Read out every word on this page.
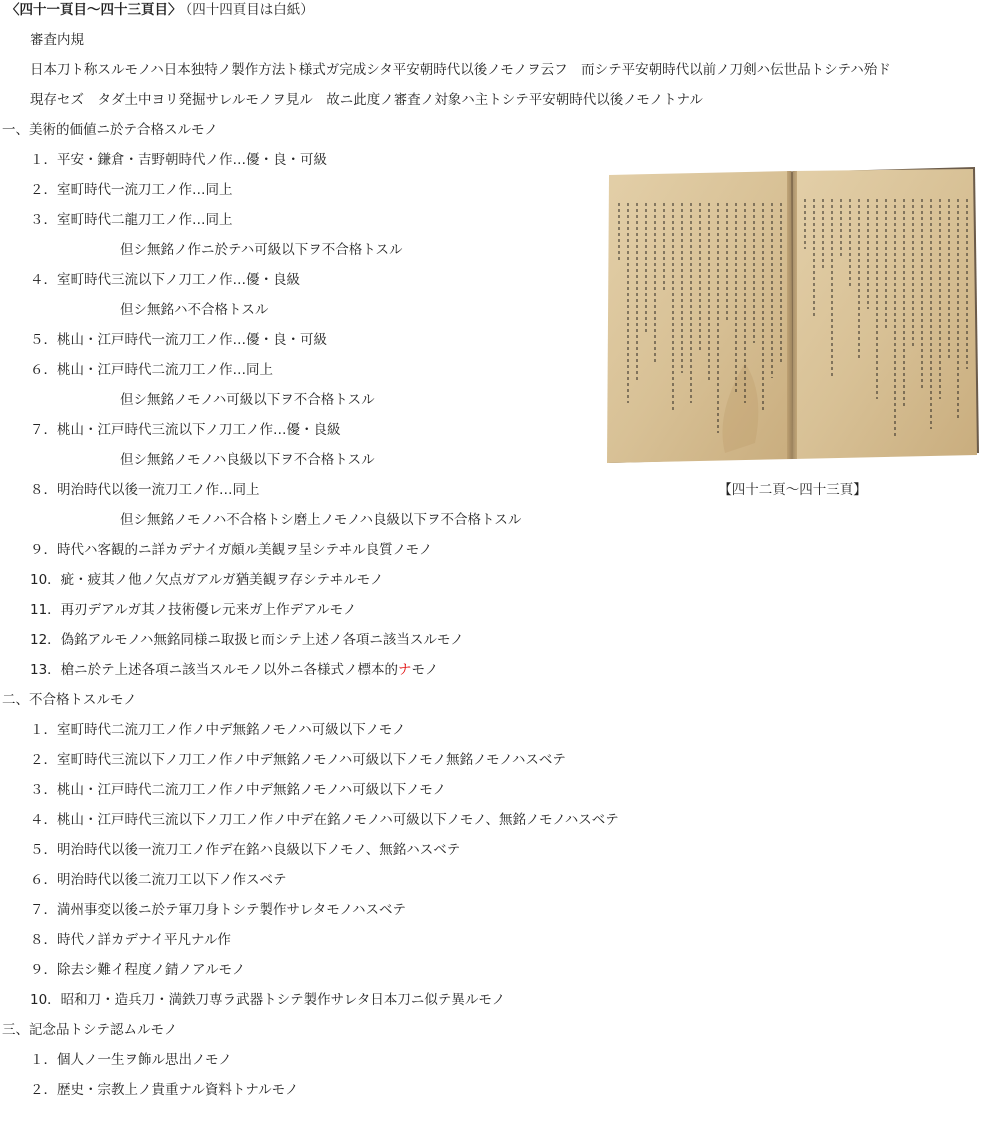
〈四十一頁目～四十三頁目〉 （四十四頁目は白紙）
審査内規
日本刀ト称スルモノハ日本独特ノ製作方法ト様式ガ完成シタ平安朝時代以後ノモノヲ云フ　而シテ平安朝時代以前ノ刀剣ハ伝世品トシテハ殆ド
現存セズ　タダ土中ヨリ発掘サレルモノヲ見ル　故ニ此度ノ審査ノ対象ハ主トシテ平安朝時代以後ノモノトナル
一、美術的価値ニ於テ合格スルモノ
１．平安・鎌倉・吉野朝時代ノ作…優・良・可級
２．室町時代一流刀工ノ作…同上
３．室町時代二龍刀工ノ作…同上
但シ無銘ノ作ニ於テハ可級以下ヲ不合格トスル
４．室町時代三流以下ノ刀工ノ作…優・良級
但シ無銘ハ不合格トスル
５．桃山・江戸時代一流刀工ノ作…優・良・可級
６．桃山・江戸時代二流刀工ノ作…同上
但シ無銘ノモノハ可級以下ヲ不合格トスル
７．桃山・江戸時代三流以下ノ刀工ノ作…優・良級
但シ無銘ノモノハ良級以下ヲ不合格トスル
８．明治時代以後一流刀工ノ作…同上
但シ無銘ノモノハ不合格トシ磨上ノモノハ良級以下ヲ不合格トスル
９．時代ハ客観的ニ詳カデナイガ頗ル美観ヲ呈シテヰル良質ノモノ
10．疵・疲其ノ他ノ欠点ガアルガ猶美観ヲ存シテヰルモノ
11．再刃デアルガ其ノ技術優レ元来ガ上作デアルモノ
12．偽銘アルモノハ無銘同様ニ取扱ヒ而シテ上述ノ各項ニ該当スルモノ
13．槍ニ於テ上述各項ニ該当スルモノ以外ニ各様式ノ標本的ナモノ
二、不合格トスルモノ
１．室町時代二流刀工ノ作ノ中デ無銘ノモノハ可級以下ノモノ
２．室町時代三流以下ノ刀工ノ作ノ中デ無銘ノモノハ可級以下ノモノ無銘ノモノハスベテ
３．桃山・江戸時代二流刀工ノ作ノ中デ無銘ノモノハ可級以下ノモノ
４．桃山・江戸時代三流以下ノ刀工ノ作ノ中デ在銘ノモノハ可級以下ノモノ、無銘ノモノハスベテ
５．明治時代以後一流刀工ノ作デ在銘ハ良級以下ノモノ、無銘ハスベテ
６．明治時代以後二流刀工以下ノ作スベテ
７．満州事変以後ニ於テ軍刀身トシテ製作サレタモノハスベテ
８．時代ノ詳カデナイ平凡ナル作
９．除去シ難イ程度ノ錆ノアルモノ
10．昭和刀・造兵刀・満鉄刀専ラ武器トシテ製作サレタ日本刀ニ似テ異ルモノ
三、記念品トシテ認ムルモノ
１．個人ノ一生ヲ飾ル思出ノモノ
２．歴史・宗教上ノ貴重ナル資料トナルモノ
【四十二頁～四十三頁】
